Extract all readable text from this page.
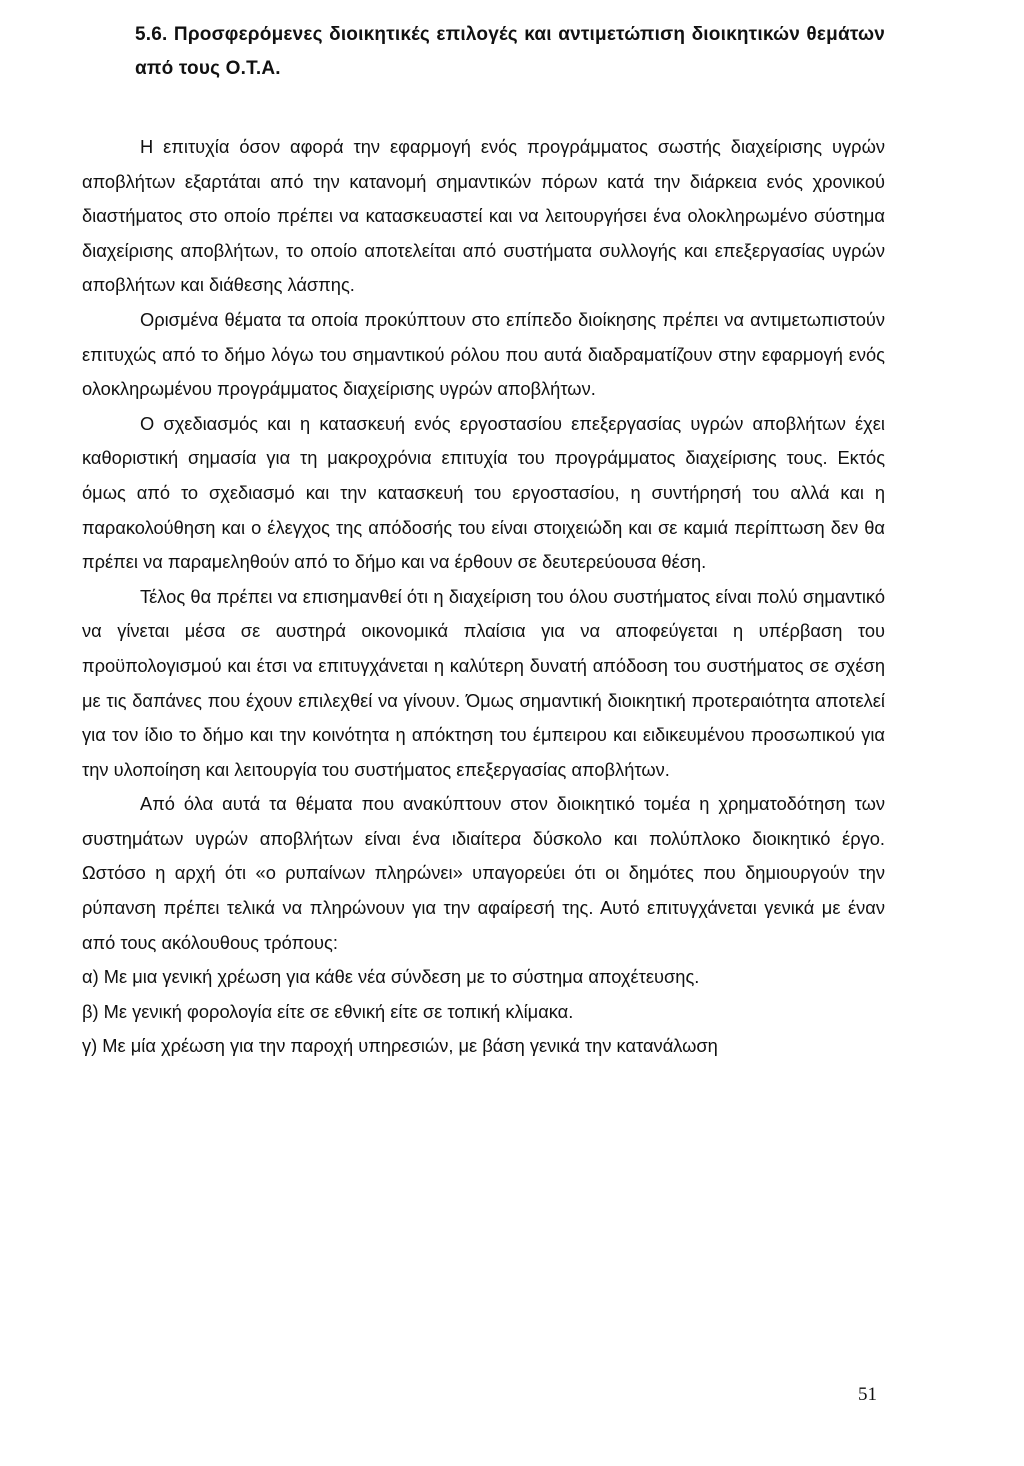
5.6. Προσφερόμενες διοικητικές επιλογές και αντιμετώπιση διοικητικών θεμάτων από τους Ο.Τ.Α.

Η επιτυχία όσον αφορά την εφαρμογή ενός προγράμματος σωστής διαχείρισης υγρών αποβλήτων εξαρτάται από την κατανομή σημαντικών πόρων κατά την διάρκεια ενός χρονικού διαστήματος στο οποίο πρέπει να κατασκευαστεί και να λειτουργήσει ένα ολοκληρωμένο σύστημα διαχείρισης αποβλήτων, το οποίο αποτελείται από συστήματα συλλογής και επεξεργασίας υγρών αποβλήτων και διάθεσης λάσπης.

Ορισμένα θέματα τα οποία προκύπτουν στο επίπεδο διοίκησης πρέπει να αντιμετωπιστούν επιτυχώς από το δήμο λόγω του σημαντικού ρόλου που αυτά διαδραματίζουν στην εφαρμογή ενός ολοκληρωμένου προγράμματος διαχείρισης υγρών αποβλήτων.

Ο σχεδιασμός και η κατασκευή ενός εργοστασίου επεξεργασίας υγρών αποβλήτων έχει καθοριστική σημασία για τη μακροχρόνια επιτυχία του προγράμματος διαχείρισης τους. Εκτός όμως από το σχεδιασμό και την κατασκευή του εργοστασίου, η συντήρησή του αλλά και η παρακολούθηση και ο έλεγχος της απόδοσής του είναι στοιχειώδη και σε καμιά περίπτωση δεν θα πρέπει να παραμεληθούν από το δήμο και να έρθουν σε δευτερεύουσα θέση.

Τέλος θα πρέπει να επισημανθεί ότι η διαχείριση του όλου συστήματος είναι πολύ σημαντικό να γίνεται μέσα σε αυστηρά οικονομικά πλαίσια για να αποφεύγεται η υπέρβαση του προϋπολογισμού και έτσι να επιτυγχάνεται η καλύτερη δυνατή απόδοση του συστήματος σε σχέση με τις δαπάνες που έχουν επιλεχθεί να γίνουν. Όμως σημαντική διοικητική προτεραιότητα αποτελεί για τον ίδιο το δήμο και την κοινότητα η απόκτηση του έμπειρου και ειδικευμένου προσωπικού για την υλοποίηση και λειτουργία του συστήματος επεξεργασίας αποβλήτων.

Από όλα αυτά τα θέματα που ανακύπτουν στον διοικητικό τομέα η χρηματοδότηση των συστημάτων υγρών αποβλήτων είναι ένα ιδιαίτερα δύσκολο και πολύπλοκο διοικητικό έργο. Ωστόσο η αρχή ότι «ο ρυπαίνων πληρώνει» υπαγορεύει ότι οι δημότες που δημιουργούν την ρύπανση πρέπει τελικά να πληρώνουν για την αφαίρεσή της. Αυτό επιτυγχάνεται γενικά με έναν από τους ακόλουθους τρόπους:

α) Με μια γενική χρέωση για κάθε νέα σύνδεση με το σύστημα αποχέτευσης.

β) Με γενική φορολογία είτε σε εθνική είτε σε τοπική κλίμακα.

γ) Με μία χρέωση για την παροχή υπηρεσιών, με βάση γενικά την κατανάλωση

51
